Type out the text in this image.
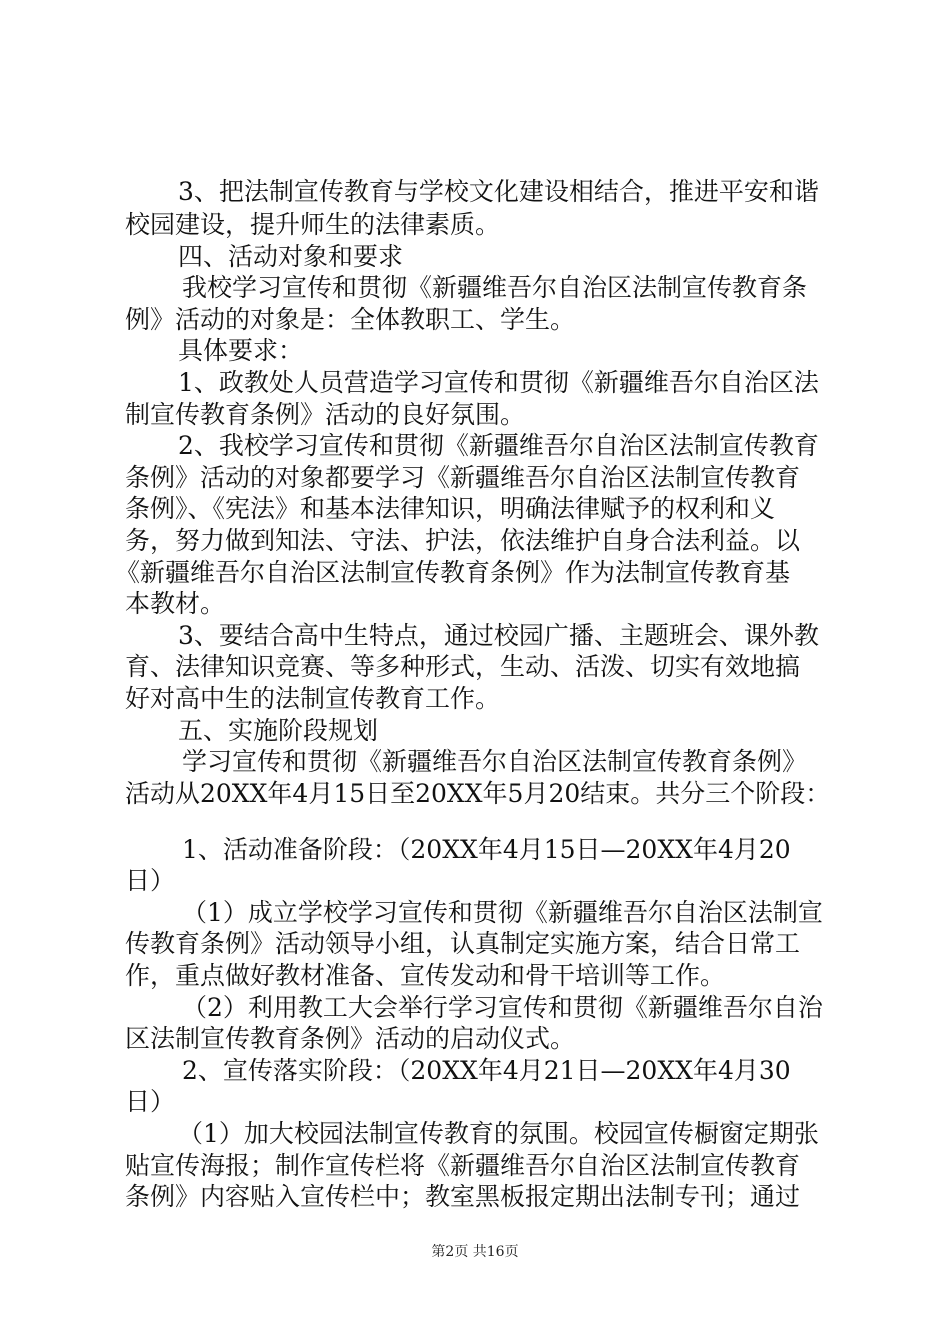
3、把法制宣传教育与学校文化建设相结合，推进平安和谐
校园建设，提升师生的法律素质。
四、活动对象和要求
我校学习宣传和贯彻《新疆维吾尔自治区法制宣传教育条
例》活动的对象是：全体教职工、学生。
具体要求：
1、政教处人员营造学习宣传和贯彻《新疆维吾尔自治区法
制宣传教育条例》活动的良好氛围。
2、我校学习宣传和贯彻《新疆维吾尔自治区法制宣传教育
条例》活动的对象都要学习《新疆维吾尔自治区法制宣传教育
条例》、《宪法》和基本法律知识，明确法律赋予的权利和义
务，努力做到知法、守法、护法，依法维护自身合法利益。以
《新疆维吾尔自治区法制宣传教育条例》作为法制宣传教育基
本教材。
3、要结合高中生特点，通过校园广播、主题班会、课外教
育、法律知识竞赛、等多种形式，生动、活泼、切实有效地搞
好对高中生的法制宣传教育工作。
五、实施阶段规划
学习宣传和贯彻《新疆维吾尔自治区法制宣传教育条例》
活动从20XX年4月15日至20XX年5月20结束。共分三个阶段：
1、活动准备阶段：（20XX年4月15日—20XX年4月20
日）
（1）成立学校学习宣传和贯彻《新疆维吾尔自治区法制宣
传教育条例》活动领导小组，认真制定实施方案，结合日常工
作，重点做好教材准备、宣传发动和骨干培训等工作。
（2）利用教工大会举行学习宣传和贯彻《新疆维吾尔自治
区法制宣传教育条例》活动的启动仪式。
2、宣传落实阶段：（20XX年4月21日—20XX年4月30
日）
（1）加大校园法制宣传教育的氛围。校园宣传橱窗定期张
贴宣传海报；制作宣传栏将《新疆维吾尔自治区法制宣传教育
条例》内容贴入宣传栏中；教室黑板报定期出法制专刊；通过
第2页 共16页
